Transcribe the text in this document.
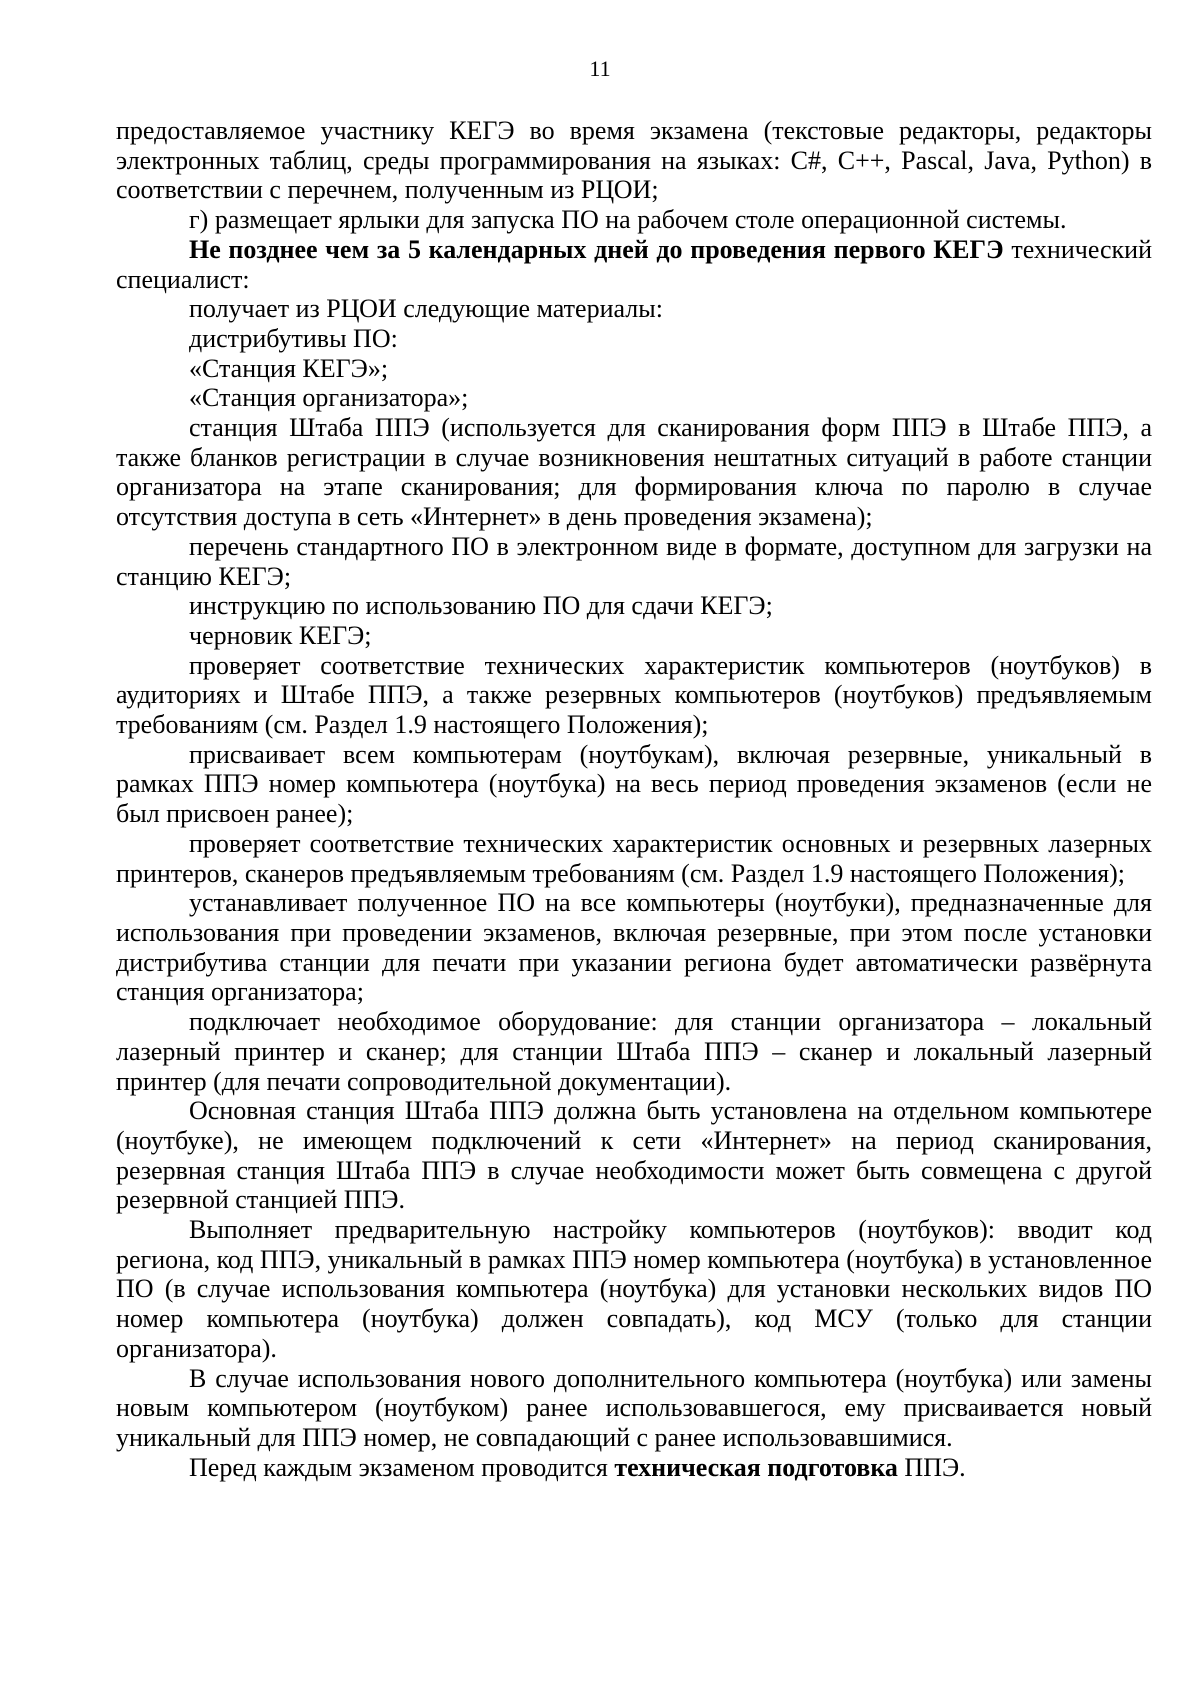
11

предоставляемое участнику КЕГЭ во время экзамена (текстовые редакторы, редакторы электронных таблиц, среды программирования на языках: C#, C++, Pascal, Java, Python) в соответствии с перечнем, полученным из РЦОИ;

г) размещает ярлыки для запуска ПО на рабочем столе операционной системы.

Не позднее чем за 5 календарных дней до проведения первого КЕГЭ технический специалист:

получает из РЦОИ следующие материалы:

дистрибутивы ПО:

«Станция КЕГЭ»;

«Станция организатора»;

станция Штаба ППЭ (используется для сканирования форм ППЭ в Штабе ППЭ, а также бланков регистрации в случае возникновения нештатных ситуаций в работе станции организатора на этапе сканирования; для формирования ключа по паролю в случае отсутствия доступа в сеть «Интернет» в день проведения экзамена);

перечень стандартного ПО в электронном виде в формате, доступном для загрузки на станцию КЕГЭ;

инструкцию по использованию ПО для сдачи КЕГЭ;

черновик КЕГЭ;

проверяет соответствие технических характеристик компьютеров (ноутбуков) в аудиториях и Штабе ППЭ, а также резервных компьютеров (ноутбуков) предъявляемым требованиям (см. Раздел 1.9 настоящего Положения);

присваивает всем компьютерам (ноутбукам), включая резервные, уникальный в рамках ППЭ номер компьютера (ноутбука) на весь период проведения экзаменов (если не был присвоен ранее);

проверяет соответствие технических характеристик основных и резервных лазерных принтеров, сканеров предъявляемым требованиям (см. Раздел 1.9 настоящего Положения);

устанавливает полученное ПО на все компьютеры (ноутбуки), предназначенные для использования при проведении экзаменов, включая резервные, при этом после установки дистрибутива станции для печати при указании региона будет автоматически развёрнута станция организатора;

подключает необходимое оборудование: для станции организатора – локальный лазерный принтер и сканер; для станции Штаба ППЭ – сканер и локальный лазерный принтер (для печати сопроводительной документации).

Основная станция Штаба ППЭ должна быть установлена на отдельном компьютере (ноутбуке), не имеющем подключений к сети «Интернет» на период сканирования, резервная станция Штаба ППЭ в случае необходимости может быть совмещена с другой резервной станцией ППЭ.

Выполняет предварительную настройку компьютеров (ноутбуков): вводит код региона, код ППЭ, уникальный в рамках ППЭ номер компьютера (ноутбука) в установленное ПО (в случае использования компьютера (ноутбука) для установки нескольких видов ПО номер компьютера (ноутбука) должен совпадать), код МСУ (только для станции организатора).

В случае использования нового дополнительного компьютера (ноутбука) или замены новым компьютером (ноутбуком) ранее использовавшегося, ему присваивается новый уникальный для ППЭ номер, не совпадающий с ранее использовавшимися.

Перед каждым экзаменом проводится техническая подготовка ППЭ.
